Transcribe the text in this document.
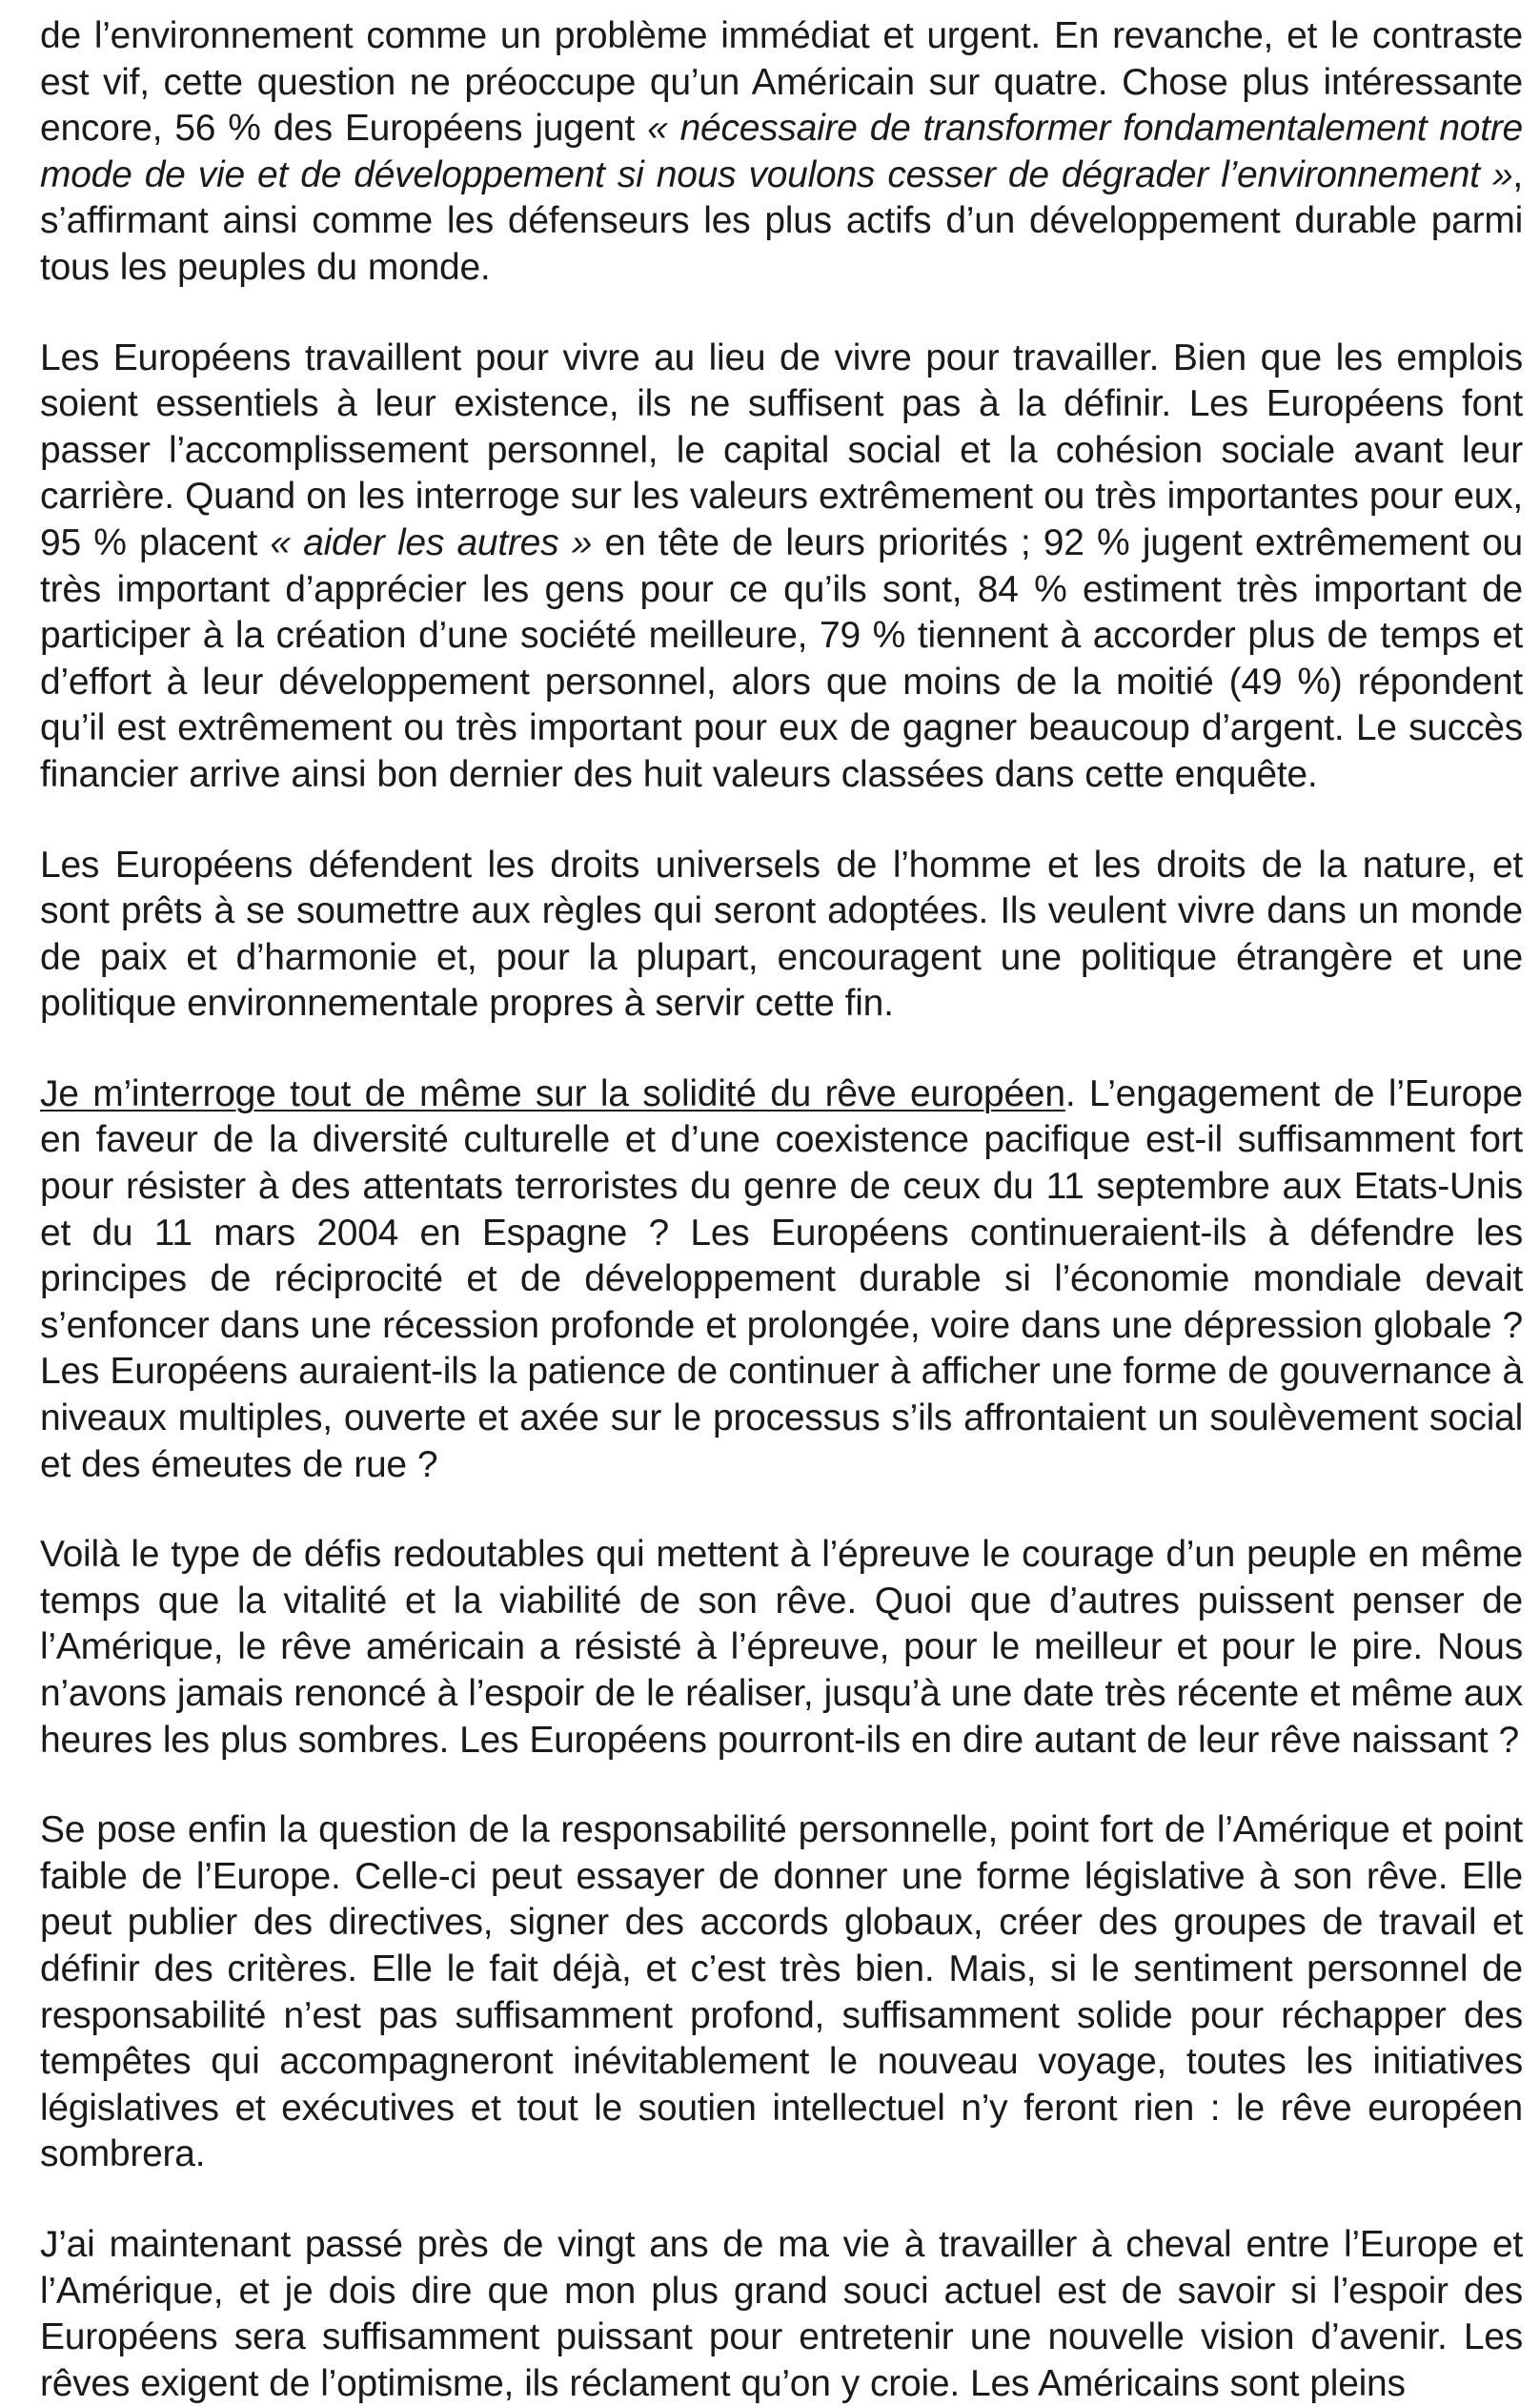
de l’environnement comme un problème immédiat et urgent. En revanche, et le contraste est vif, cette question ne préoccupe qu’un Américain sur quatre. Chose plus intéressante encore, 56 % des Européens jugent « nécessaire de transformer fondamentalement notre mode de vie et de développement si nous voulons cesser de dégrader l’environnement », s’affirmant ainsi comme les défenseurs les plus actifs d’un développement durable parmi tous les peuples du monde.

Les Européens travaillent pour vivre au lieu de vivre pour travailler. Bien que les emplois soient essentiels à leur existence, ils ne suffisent pas à la définir. Les Européens font passer l’accomplissement personnel, le capital social et la cohésion sociale avant leur carrière. Quand on les interroge sur les valeurs extrêmement ou très importantes pour eux, 95 % placent « aider les autres » en tête de leurs priorités ; 92 % jugent extrêmement ou très important d’apprécier les gens pour ce qu’ils sont, 84 % estiment très important de participer à la création d’une société meilleure, 79 % tiennent à accorder plus de temps et d’effort à leur développement personnel, alors que moins de la moitié (49 %) répondent qu’il est extrêmement ou très important pour eux de gagner beaucoup d’argent. Le succès financier arrive ainsi bon dernier des huit valeurs classées dans cette enquête.

Les Européens défendent les droits universels de l’homme et les droits de la nature, et sont prêts à se soumettre aux règles qui seront adoptées. Ils veulent vivre dans un monde de paix et d’harmonie et, pour la plupart, encouragent une politique étrangère et une politique environnementale propres à servir cette fin.

Je m’interroge tout de même sur la solidité du rêve européen. L’engagement de l’Europe en faveur de la diversité culturelle et d’une coexistence pacifique est-il suffisamment fort pour résister à des attentats terroristes du genre de ceux du 11 septembre aux Etats-Unis et du 11 mars 2004 en Espagne ? Les Européens continueraient-ils à défendre les principes de réciprocité et de développement durable si l’économie mondiale devait s’enfoncer dans une récession profonde et prolongée, voire dans une dépression globale ? Les Européens auraient-ils la patience de continuer à afficher une forme de gouvernance à niveaux multiples, ouverte et axée sur le processus s’ils affrontaient un soulèvement social et des émeutes de rue ?

Voilà le type de défis redoutables qui mettent à l’épreuve le courage d’un peuple en même temps que la vitalité et la viabilité de son rêve. Quoi que d’autres puissent penser de l’Amérique, le rêve américain a résisté à l’épreuve, pour le meilleur et pour le pire. Nous n’avons jamais renoncé à l’espoir de le réaliser, jusqu’à une date très récente et même aux heures les plus sombres. Les Européens pourront-ils en dire autant de leur rêve naissant ?

Se pose enfin la question de la responsabilité personnelle, point fort de l’Amérique et point faible de l’Europe. Celle-ci peut essayer de donner une forme législative à son rêve. Elle peut publier des directives, signer des accords globaux, créer des groupes de travail et définir des critères. Elle le fait déjà, et c’est très bien. Mais, si le sentiment personnel de responsabilité n’est pas suffisamment profond, suffisamment solide pour réchapper des tempêtes qui accompagneront inévitablement le nouveau voyage, toutes les initiatives législatives et exécutives et tout le soutien intellectuel n’y feront rien : le rêve européen sombrera.

J’ai maintenant passé près de vingt ans de ma vie à travailler à cheval entre l’Europe et l’Amérique, et je dois dire que mon plus grand souci actuel est de savoir si l’espoir des Européens sera suffisamment puissant pour entretenir une nouvelle vision d’avenir. Les rêves exigent de l’optimisme, ils réclament qu’on y croie. Les Américains sont pleins
